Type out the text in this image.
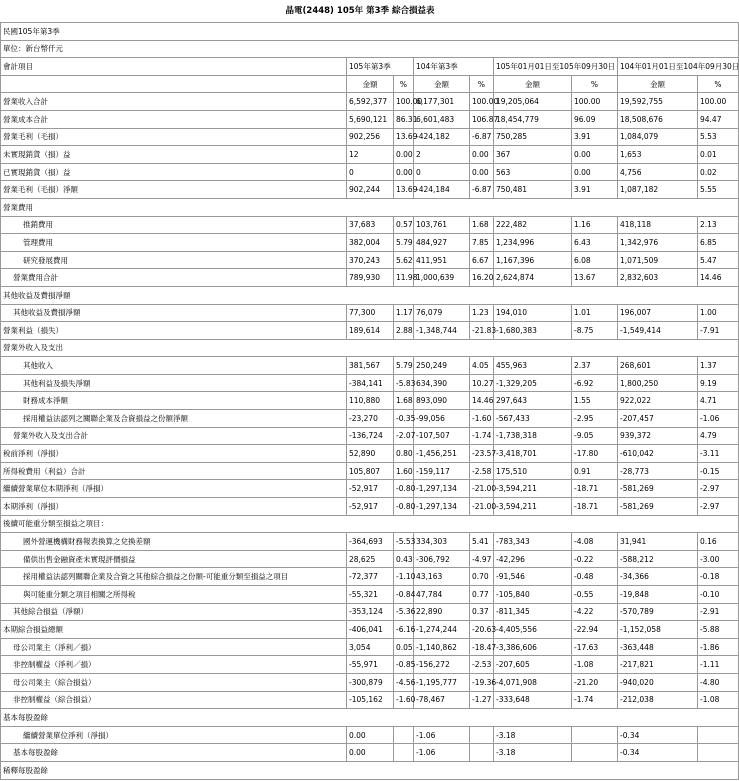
晶電(2448) 105年 第3季 綜合損益表
民國105年第3季								
單位：新台幣仟元								
會計項目	105年第3季		104年第3季		105年01月01日至105年09月30日		104年01月01日至104年09月30日	
	金額	%	金額	%	金額	%	金額	%
營業收入合計	6,592,377	100.00	6,177,301	100.00	19,205,064	100.00	19,592,755	100.00
營業成本合計	5,690,121	86.31	6,601,483	106.87	18,454,779	96.09	18,508,676	94.47
營業毛利（毛損）	902,256	13.69	-424,182	-6.87	750,285	3.91	1,084,079	5.53
未實現銷貨（損）益	12	0.00	2	0.00	367	0.00	1,653	0.01
已實現銷貨（損）益	0	0.00	0	0.00	563	0.00	4,756	0.02
營業毛利（毛損）淨額	902,244	13.69	-424,184	-6.87	750,481	3.91	1,087,182	5.55
營業費用								
推銷費用	37,683	0.57	103,761	1.68	222,482	1.16	418,118	2.13
管理費用	382,004	5.79	484,927	7.85	1,234,996	6.43	1,342,976	6.85
研究發展費用	370,243	5.62	411,951	6.67	1,167,396	6.08	1,071,509	5.47
營業費用合計	789,930	11.98	1,000,639	16.20	2,624,874	13.67	2,832,603	14.46
其他收益及費損淨額								
其他收益及費損淨額	77,300	1.17	76,079	1.23	194,010	1.01	196,007	1.00
營業利益（損失）	189,614	2.88	-1,348,744	-21.83	-1,680,383	-8.75	-1,549,414	-7.91
營業外收入及支出								
其他收入	381,567	5.79	250,249	4.05	455,963	2.37	268,601	1.37
其他利益及損失淨額	-384,141	-5.83	634,390	10.27	-1,329,205	-6.92	1,800,250	9.19
財務成本淨額	110,880	1.68	893,090	14.46	297,643	1.55	922,022	4.71
採用權益法認列之關聯企業及合資損益之份額淨額	-23,270	-0.35	-99,056	-1.60	-567,433	-2.95	-207,457	-1.06
營業外收入及支出合計	-136,724	-2.07	-107,507	-1.74	-1,738,318	-9.05	939,372	4.79
稅前淨利（淨損）	52,890	0.80	-1,456,251	-23.57	-3,418,701	-17.80	-610,042	-3.11
所得稅費用（利益）合計	105,807	1.60	-159,117	-2.58	175,510	0.91	-28,773	-0.15
繼續營業單位本期淨利（淨損）	-52,917	-0.80	-1,297,134	-21.00	-3,594,211	-18.71	-581,269	-2.97
本期淨利（淨損）	-52,917	-0.80	-1,297,134	-21.00	-3,594,211	-18.71	-581,269	-2.97
後續可能重分類至損益之項目：								
國外營運機構財務報表換算之兌換差額	-364,693	-5.53	334,303	5.41	-783,343	-4.08	31,941	0.16
備供出售金融資產未實現評價損益	28,625	0.43	-306,792	-4.97	-42,296	-0.22	-588,212	-3.00
採用權益法認列關聯企業及合資之其他綜合損益之份額-可能重分類至損益之項目	-72,377	-1.10	43,163	0.70	-91,546	-0.48	-34,366	-0.18
與可能重分類之項目相關之所得稅	-55,321	-0.84	47,784	0.77	-105,840	-0.55	-19,848	-0.10
其他綜合損益（淨額）	-353,124	-5.36	22,890	0.37	-811,345	-4.22	-570,789	-2.91
本期綜合損益總額	-406,041	-6.16	-1,274,244	-20.63	-4,405,556	-22.94	-1,152,058	-5.88
母公司業主（淨利／損）	3,054	0.05	-1,140,862	-18.47	-3,386,606	-17.63	-363,448	-1.86
非控制權益（淨利／損）	-55,971	-0.85	-156,272	-2.53	-207,605	-1.08	-217,821	-1.11
母公司業主（綜合損益）	-300,879	-4.56	-1,195,777	-19.36	-4,071,908	-21.20	-940,020	-4.80
非控制權益（綜合損益）	-105,162	-1.60	-78,467	-1.27	-333,648	-1.74	-212,038	-1.08
基本每股盈餘								
繼續營業單位淨利（淨損）	0.00		-1.06		-3.18		-0.34	
基本每股盈餘	0.00		-1.06		-3.18		-0.34	
稀釋每股盈餘								
